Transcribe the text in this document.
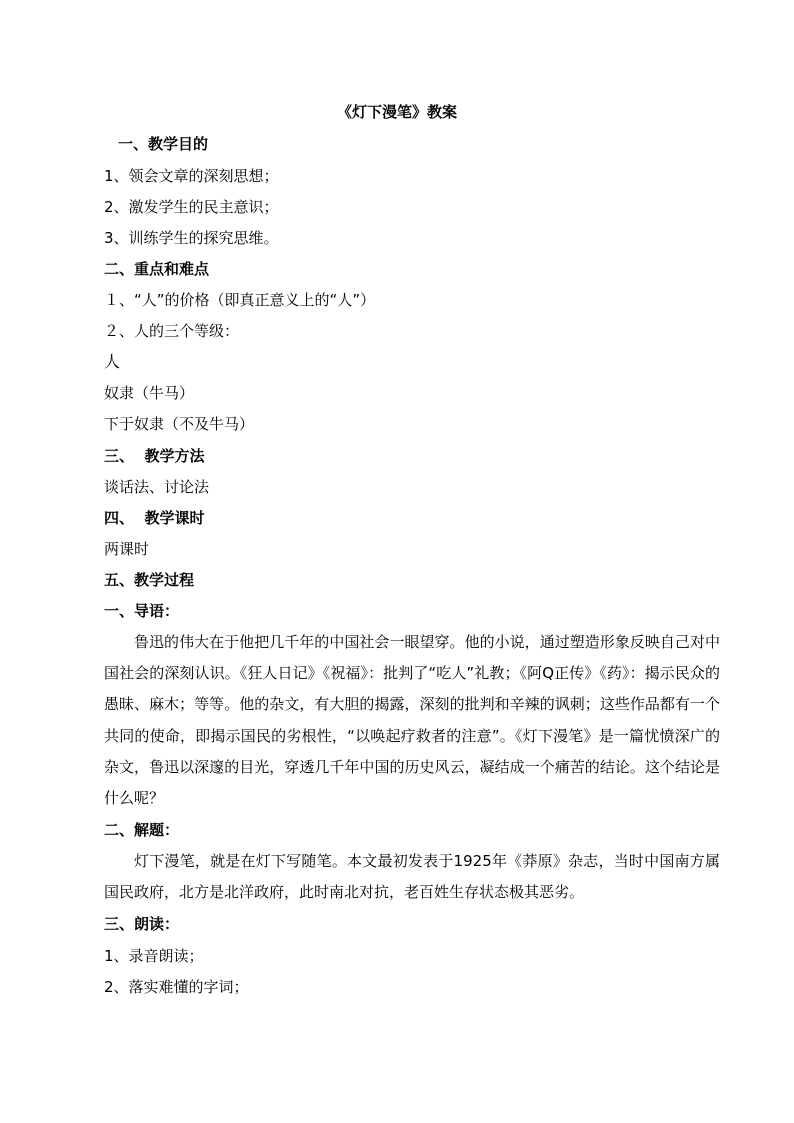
《灯下漫笔》教案
一、教学目的
1、领会文章的深刻思想；
2、激发学生的民主意识；
3、训练学生的探究思维。
二、重点和难点
１、“人”的价格（即真正意义上的“人”）
２、人的三个等级：
人
奴隶（牛马）
下于奴隶（不及牛马）
三、  教学方法
谈话法、讨论法
四、  教学课时
两课时
五、教学过程
一、导语：
鲁迅的伟大在于他把几千年的中国社会一眼望穿。他的小说，通过塑造形象反映自己对中国社会的深刻认识。《狂人日记》《祝福》：批判了“吃人”礼教；《阿Q正传》《药》：揭示民众的愚昧、麻木；等等。他的杂文，有大胆的揭露，深刻的批判和辛辣的讽刺；这些作品都有一个共同的使命，即揭示国民的劣根性，“以唤起疗救者的注意”。《灯下漫笔》是一篇忧愤深广的杂文，鲁迅以深邃的目光，穿透几千年中国的历史风云，凝结成一个痛苦的结论。这个结论是什么呢？
二、解题：
灯下漫笔，就是在灯下写随笔。本文最初发表于1925年《莽原》杂志，当时中国南方属国民政府，北方是北洋政府，此时南北对抗，老百姓生存状态极其恶劣。
三、朗读：
1、录音朗读；
2、落实难懂的字词；
